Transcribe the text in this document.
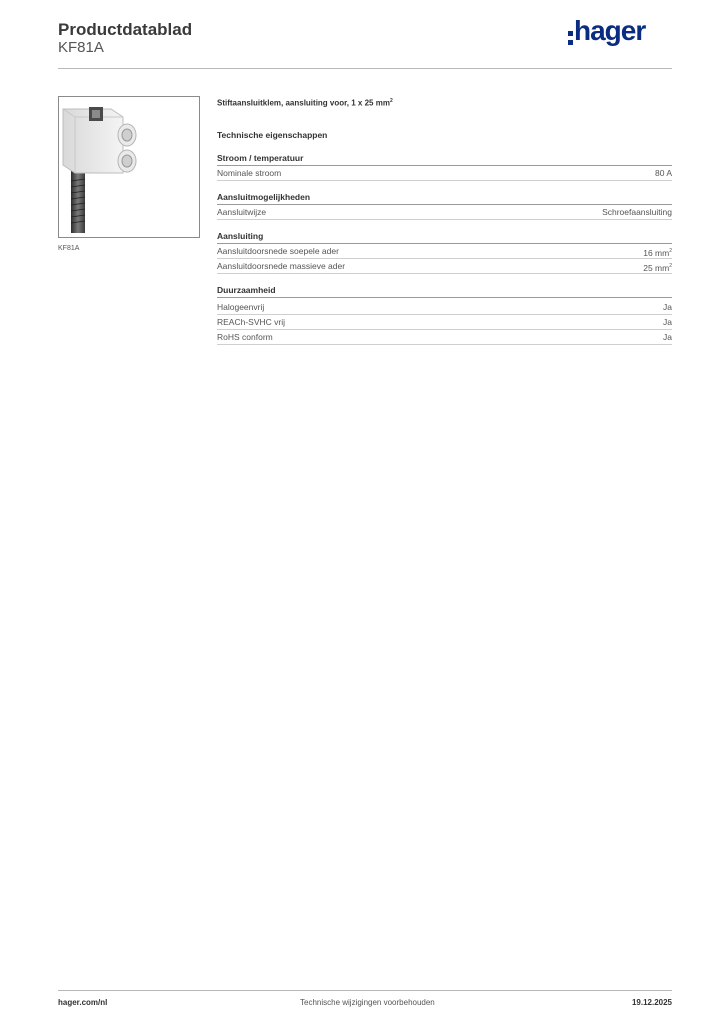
Productdatablad
KF81A
hager
KF81A
Stiftaansluitklem, aansluiting voor, 1 x 25 $mm^2$
Technische eigenschappen
Stroom / temperatuur
Nominale stroom	80 A
Aansluitmogelijkheden
Aansluitwijze	Schroefaansluiting
Aansluiting
Aansluitdoorsnede soepele ader	16 $mm^2$
Aansluitdoorsnede massieve ader	25 $mm^2$
Duurzaamheid
Halogeenvrij	Ja
REACh-SVHC vrij	Ja
RoHS conform	Ja
hager.com/nl	Technische wijzigingen voorbehouden	19.12.2025
